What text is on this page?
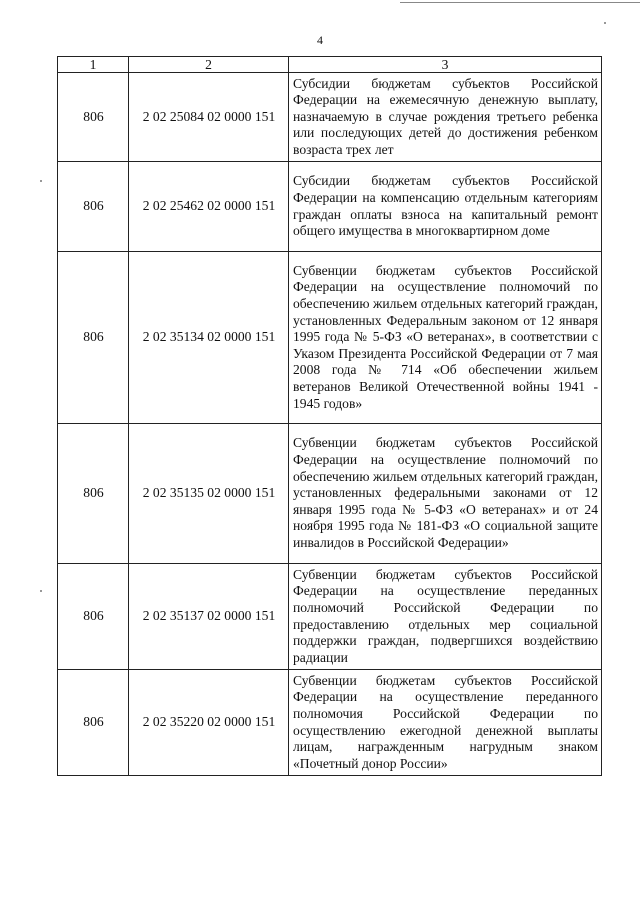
4
1	2	3
806	2 02 25084 02 0000 151	Субсидии бюджетам субъектов Российской Федерации на ежемесячную денежную выплату, назначаемую в случае рождения третьего ребенка или последующих детей до достижения ребенком возраста трех лет
806	2 02 25462 02 0000 151	Субсидии бюджетам субъектов Российской Федерации на компенсацию отдельным категориям граждан оплаты взноса на капитальный ремонт общего имущества в многоквартирном доме
806	2 02 35134 02 0000 151	Субвенции бюджетам субъектов Российской Федерации на осуществление полномочий по обеспечению жильем отдельных категорий граждан, установленных Федеральным законом от 12 января 1995 года № 5-ФЗ «О ветеранах», в соответствии с Указом Президента Российской Федерации от 7 мая 2008 года № 714 «Об обеспечении жильем ветеранов Великой Отечественной войны 1941 - 1945 годов»
806	2 02 35135 02 0000 151	Субвенции бюджетам субъектов Российской Федерации на осуществление полномочий по обеспечению жильем отдельных категорий граждан, установленных федеральными законами от 12 января 1995 года № 5-ФЗ «О ветеранах» и от 24 ноября 1995 года № 181-ФЗ «О социальной защите инвалидов в Российской Федерации»
806	2 02 35137 02 0000 151	Субвенции бюджетам субъектов Российской Федерации на осуществление переданных полномочий Российской Федерации по предоставлению отдельных мер социальной поддержки граждан, подвергшихся воздействию радиации
806	2 02 35220 02 0000 151	Субвенции бюджетам субъектов Российской Федерации на осуществление переданного полномочия Российской Федерации по осуществлению ежегодной денежной выплаты лицам, награжденным нагрудным знаком «Почетный донор России»
